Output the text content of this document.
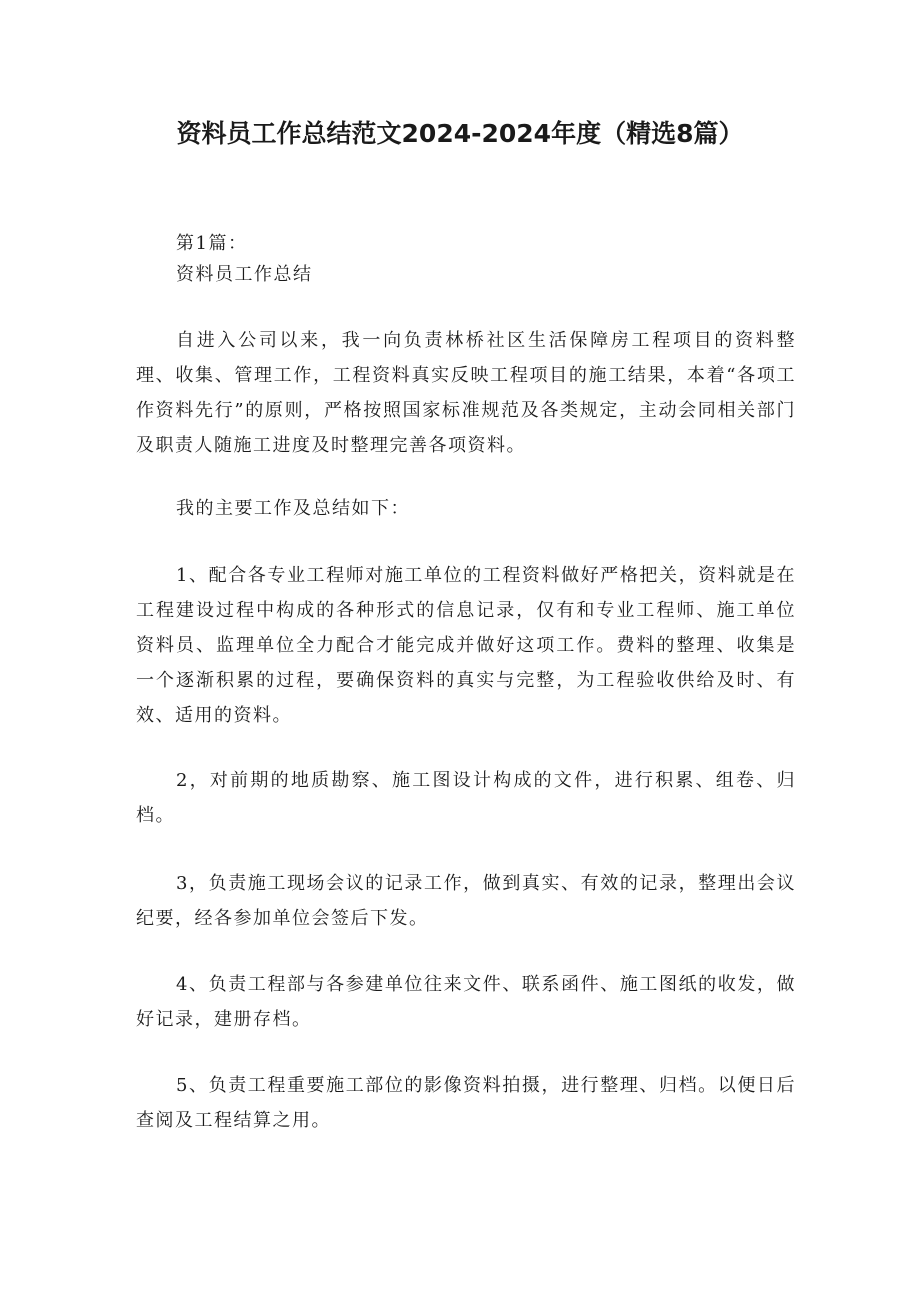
资料员工作总结范文2024-2024年度（精选8篇）

第1篇：

资料员工作总结

自进入公司以来，我一向负责林桥社区生活保障房工程项目的资料整理、收集、管理工作，工程资料真实反映工程项目的施工结果，本着“各项工作资料先行”的原则，严格按照国家标准规范及各类规定，主动会同相关部门及职责人随施工进度及时整理完善各项资料。

我的主要工作及总结如下：

1、配合各专业工程师对施工单位的工程资料做好严格把关，资料就是在工程建设过程中构成的各种形式的信息记录，仅有和专业工程师、施工单位资料员、监理单位全力配合才能完成并做好这项工作。费料的整理、收集是一个逐渐积累的过程，要确保资料的真实与完整，为工程验收供给及时、有效、适用的资料。

2，对前期的地质勘察、施工图设计构成的文件，进行积累、组卷、归档。

3，负责施工现场会议的记录工作，做到真实、有效的记录，整理出会议纪要，经各参加单位会签后下发。

4、负责工程部与各参建单位往来文件、联系函件、施工图纸的收发，做好记录，建册存档。

5、负责工程重要施工部位的影像资料拍摄，进行整理、归档。以便日后查阅及工程结算之用。
